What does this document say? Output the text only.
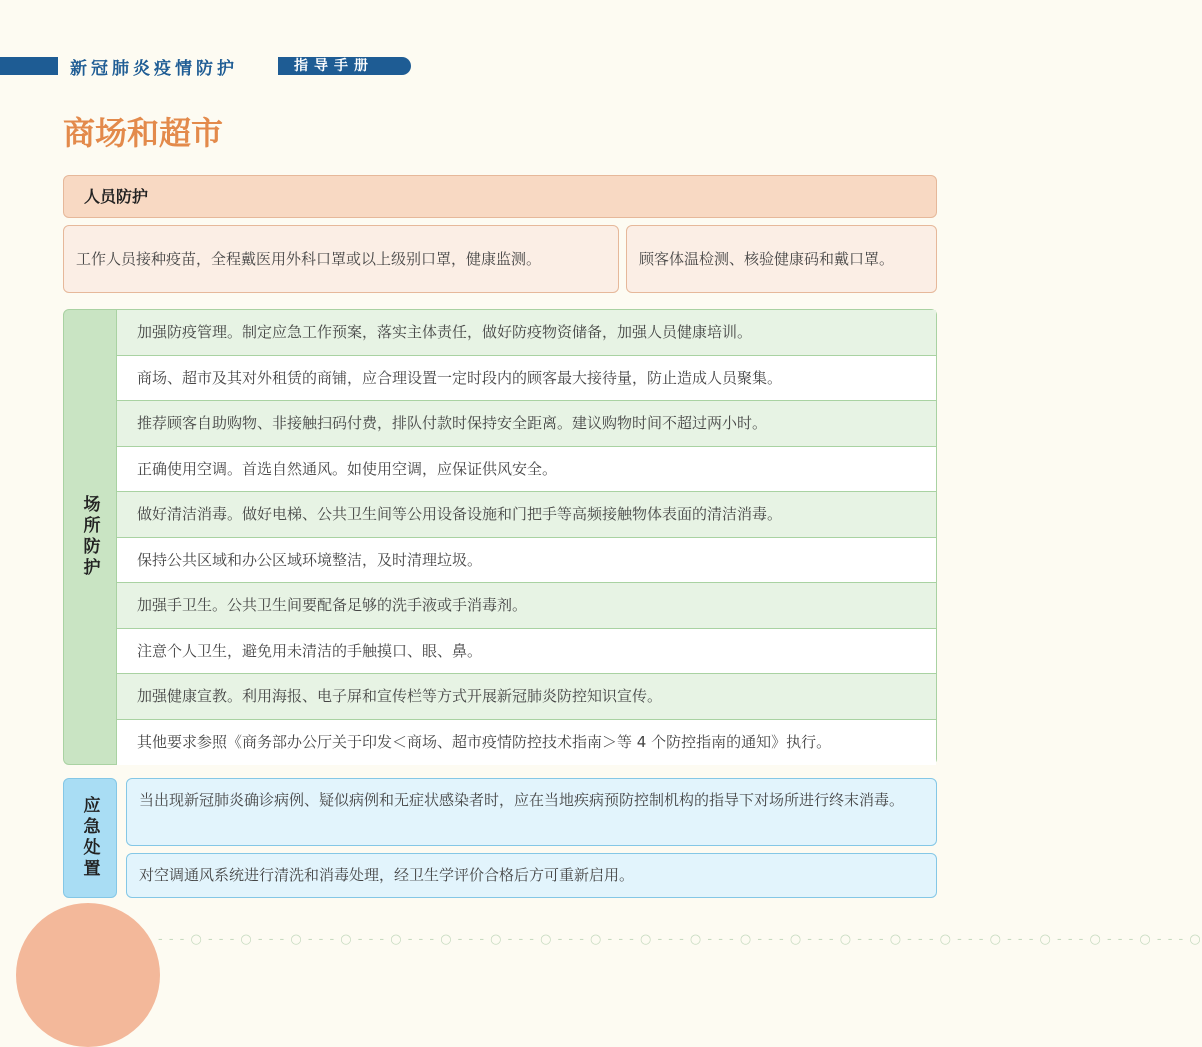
新冠肺炎疫情防护	指导手册
商场和超市
人员防护
工作人员接种疫苗，全程戴医用外科口罩或以上级别口罩，健康监测。	顾客体温检测、核验健康码和戴口罩。
场所防护
加强防疫管理。制定应急工作预案，落实主体责任，做好防疫物资储备，加强人员健康培训。
商场、超市及其对外租赁的商铺，应合理设置一定时段内的顾客最大接待量，防止造成人员聚集。
推荐顾客自助购物、非接触扫码付费，排队付款时保持安全距离。建议购物时间不超过两小时。
正确使用空调。首选自然通风。如使用空调，应保证供风安全。
做好清洁消毒。做好电梯、公共卫生间等公用设备设施和门把手等高频接触物体表面的清洁消毒。
保持公共区域和办公区域环境整洁，及时清理垃圾。
加强手卫生。公共卫生间要配备足够的洗手液或手消毒剂。
注意个人卫生，避免用未清洁的手触摸口、眼、鼻。
加强健康宣教。利用海报、电子屏和宣传栏等方式开展新冠肺炎防控知识宣传。
其他要求参照《商务部办公厅关于印发＜商场、超市疫情防控技术指南＞等 4 个防控指南的通知》执行。
应急处置	当出现新冠肺炎确诊病例、疑似病例和无症状感染者时，应在当地疾病预防控制机构的指导下对场所进行终末消毒。
对空调通风系统进行清洗和消毒处理，经卫生学评价合格后方可重新启用。
- - - ○ - - - ○ - - - ○ - - - ○ - - - ○ - - - ○ - - - ○ - - - ○ - - - ○ - - - ○ - - - ○ - - - ○ - - - ○ - - - ○ - - - ○ - - - ○ - - - ○ - - - ○ - - - ○ - - - ○ - - - ○
